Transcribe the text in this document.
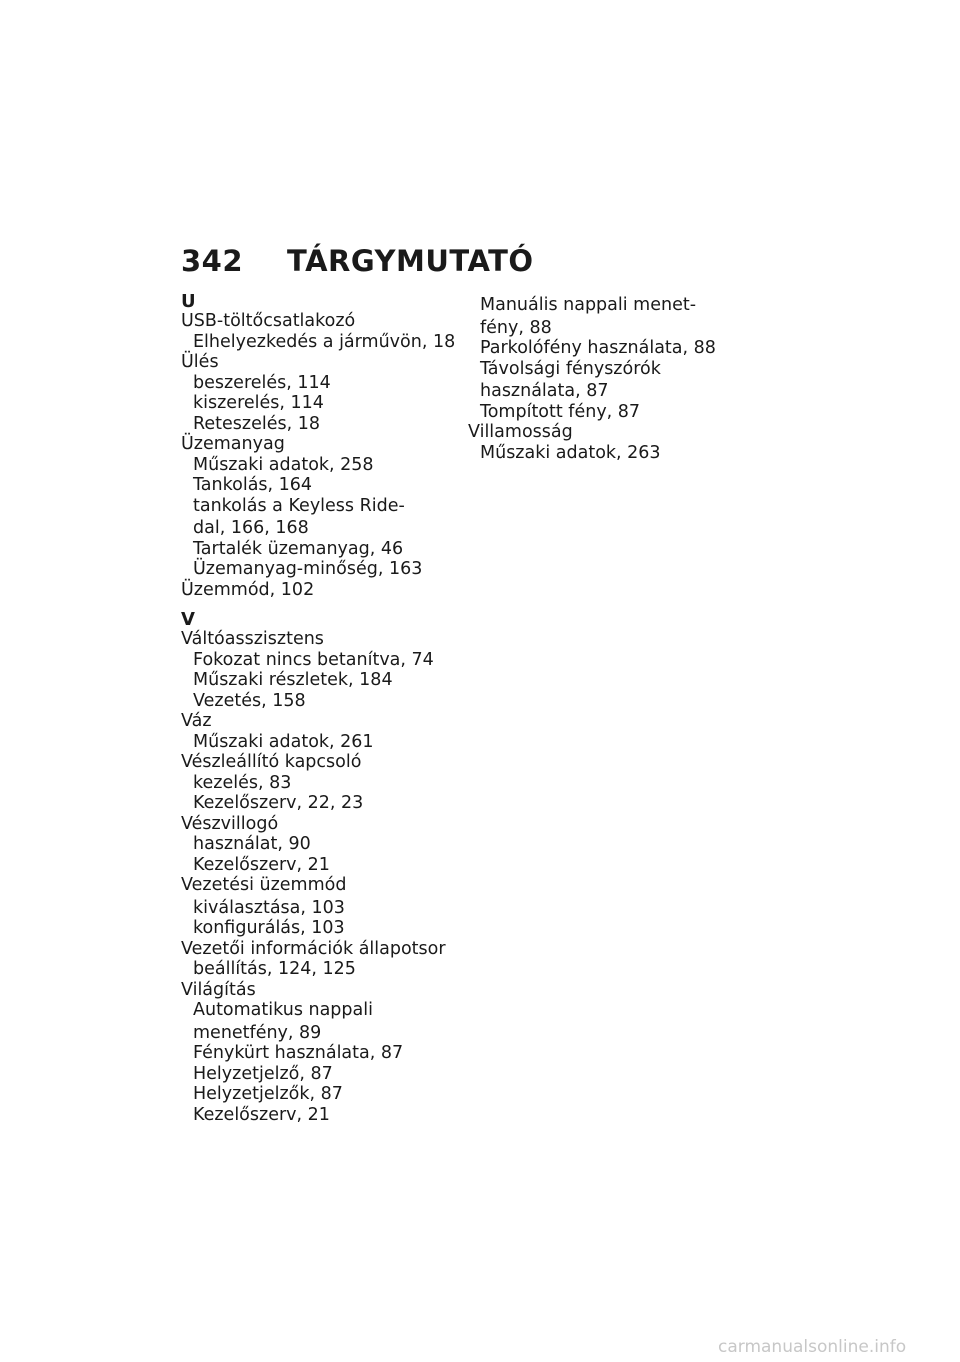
342 TÁRGYMUTATÓ
U
USB-töltőcsatlakozó
Elhelyezkedés a járművön, 18
Ülés
beszerelés, 114
kiszerelés, 114
Reteszelés, 18
Üzemanyag
Műszaki adatok, 258
Tankolás, 164
tankolás a Keyless Ride-
dal, 166, 168
Tartalék üzemanyag, 46
Üzemanyag-minőség, 163
Üzemmód, 102
V
Váltóasszisztens
Fokozat nincs betanítva, 74
Műszaki részletek, 184
Vezetés, 158
Váz
Műszaki adatok, 261
Vészleállító kapcsoló
kezelés, 83
Kezelőszerv, 22, 23
Vészvillogó
használat, 90
Kezelőszerv, 21
Vezetési üzemmód
kiválasztása, 103
konfigurálás, 103
Vezetői információk állapotsor
beállítás, 124, 125
Világítás
Automatikus nappali
menetfény, 89
Fénykürt használata, 87
Helyzetjelző, 87
Helyzetjelzők, 87
Kezelőszerv, 21
Manuális nappali menet-
fény, 88
Parkolófény használata, 88
Távolsági fényszórók
használata, 87
Tompított fény, 87
Villamosság
Műszaki adatok, 263
carmanualsonline.info
